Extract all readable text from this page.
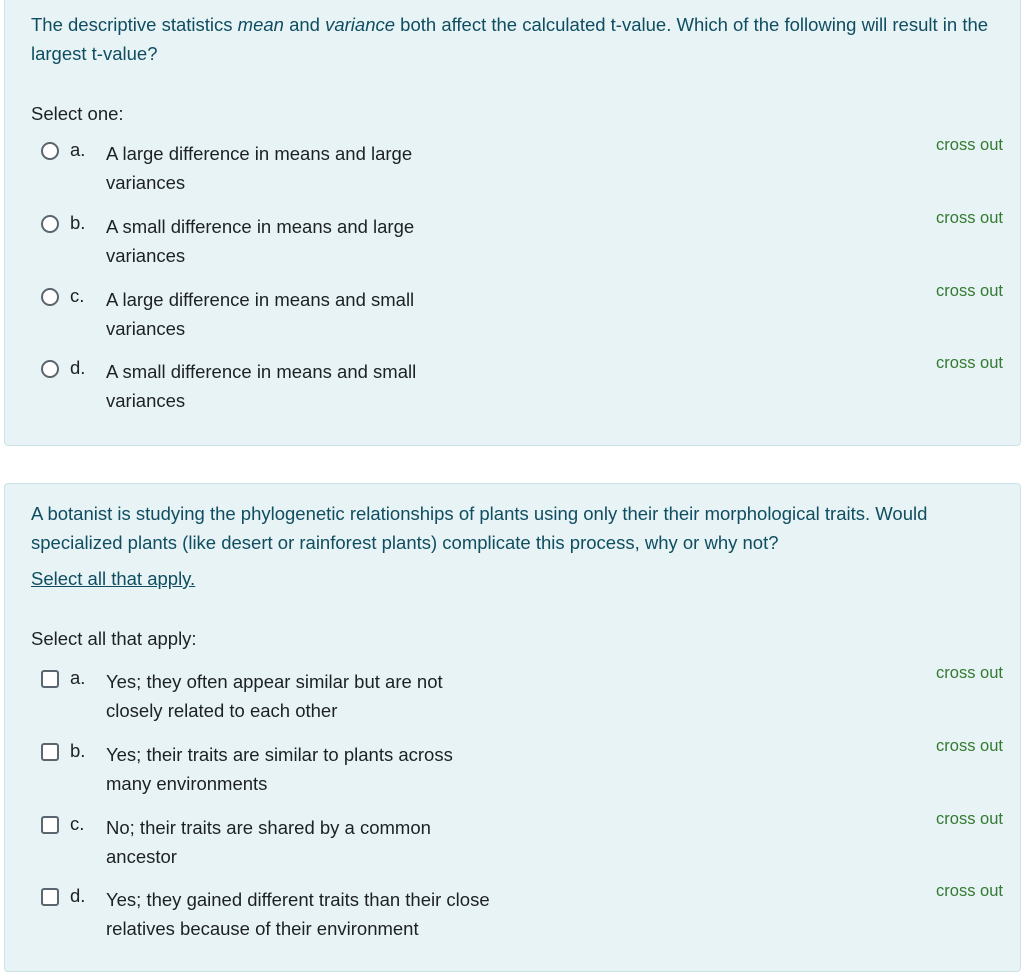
The descriptive statistics mean and variance both affect the calculated t-value. Which of the following will result in the largest t-value?
Select one:
a. A large difference in means and large variances
cross out
b. A small difference in means and large variances
cross out
c. A large difference in means and small variances
cross out
d. A small difference in means and small variances
cross out
A botanist is studying the phylogenetic relationships of plants using only their their morphological traits. Would specialized plants (like desert or rainforest plants) complicate this process, why or why not?
Select all that apply.
Select all that apply:
a. Yes; they often appear similar but are not closely related to each other
cross out
b. Yes; their traits are similar to plants across many environments
cross out
c. No; their traits are shared by a common ancestor
cross out
d. Yes; they gained different traits than their close relatives because of their environment
cross out
